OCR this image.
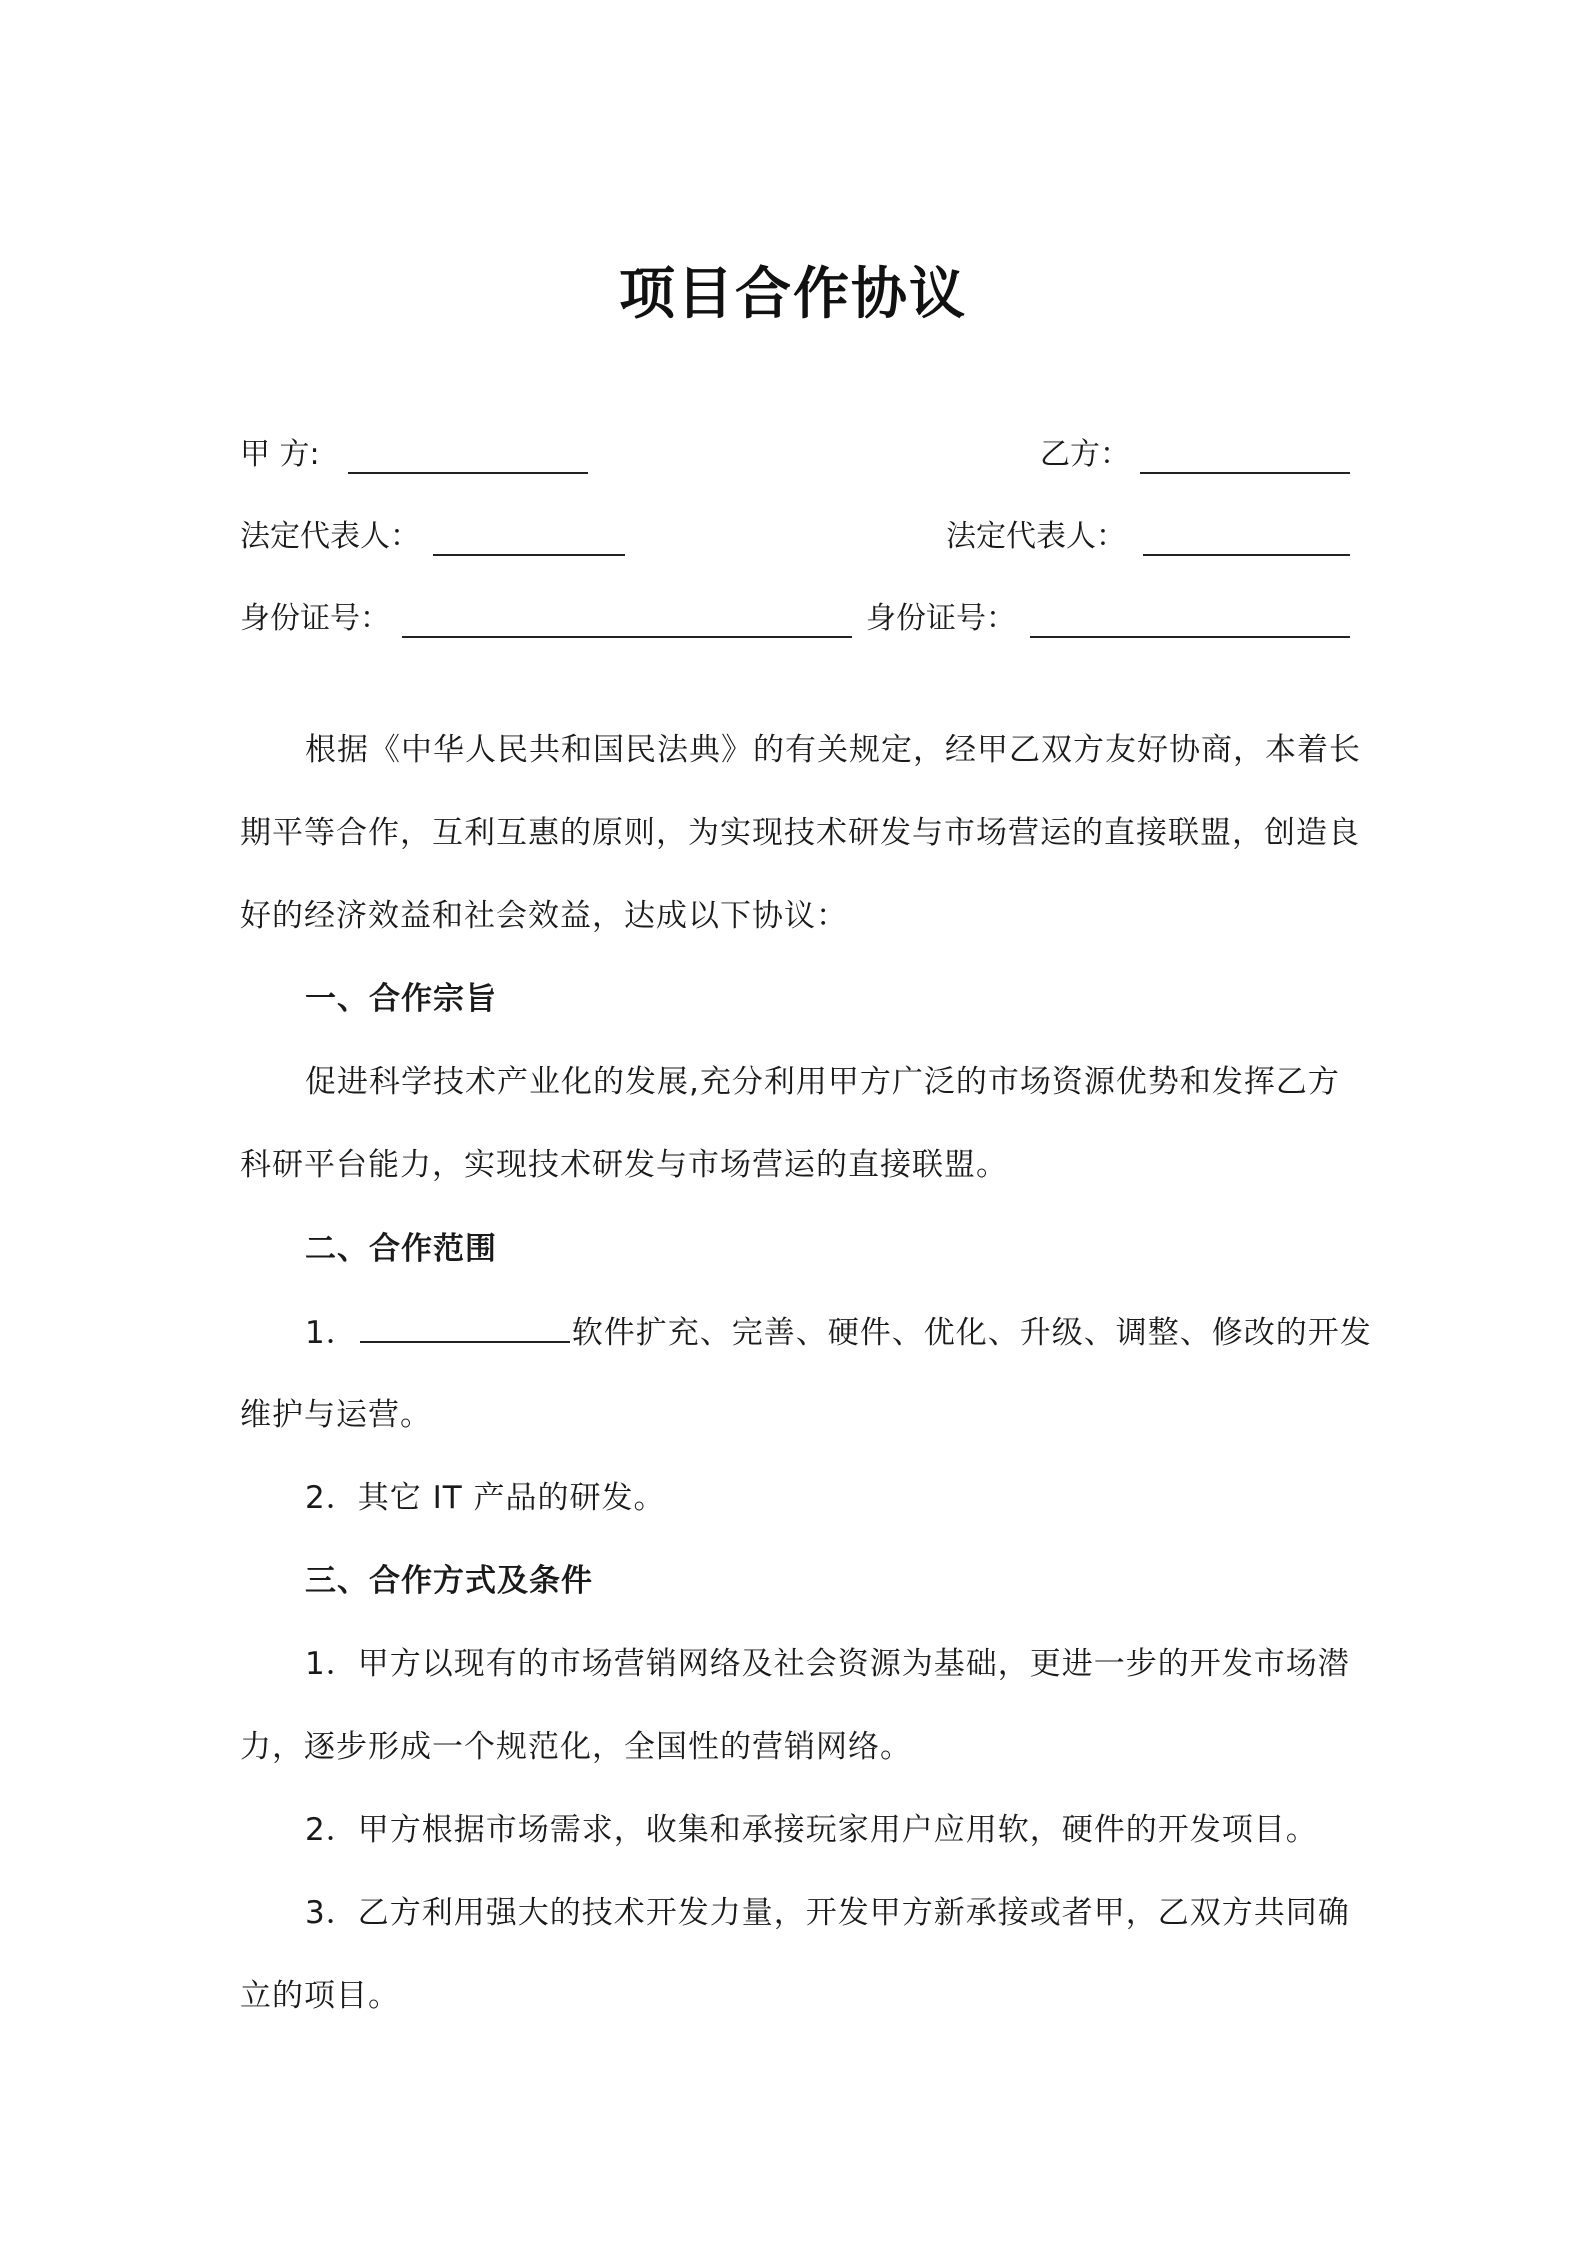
项目合作协议
甲 方:	乙方：
法定代表人：	法定代表人：
身份证号：	身份证号：
根据《中华人民共和国民法典》的有关规定，经甲乙双方友好协商，本着长
期平等合作，互利互惠的原则，为实现技术研发与市场营运的直接联盟，创造良
好的经济效益和社会效益，达成以下协议：
一、合作宗旨
促进科学技术产业化的发展,充分利用甲方广泛的市场资源优势和发挥乙方
科研平台能力，实现技术研发与市场营运的直接联盟。
二、合作范围
1．	软件扩充、完善、硬件、优化、升级、调整、修改的开发
维护与运营。
2．其它 IT 产品的研发。
三、合作方式及条件
1．甲方以现有的市场营销网络及社会资源为基础，更进一步的开发市场潜
力，逐步形成一个规范化，全国性的营销网络。
2．甲方根据市场需求，收集和承接玩家用户应用软，硬件的开发项目。
3．乙方利用强大的技术开发力量，开发甲方新承接或者甲，乙双方共同确
立的项目。
